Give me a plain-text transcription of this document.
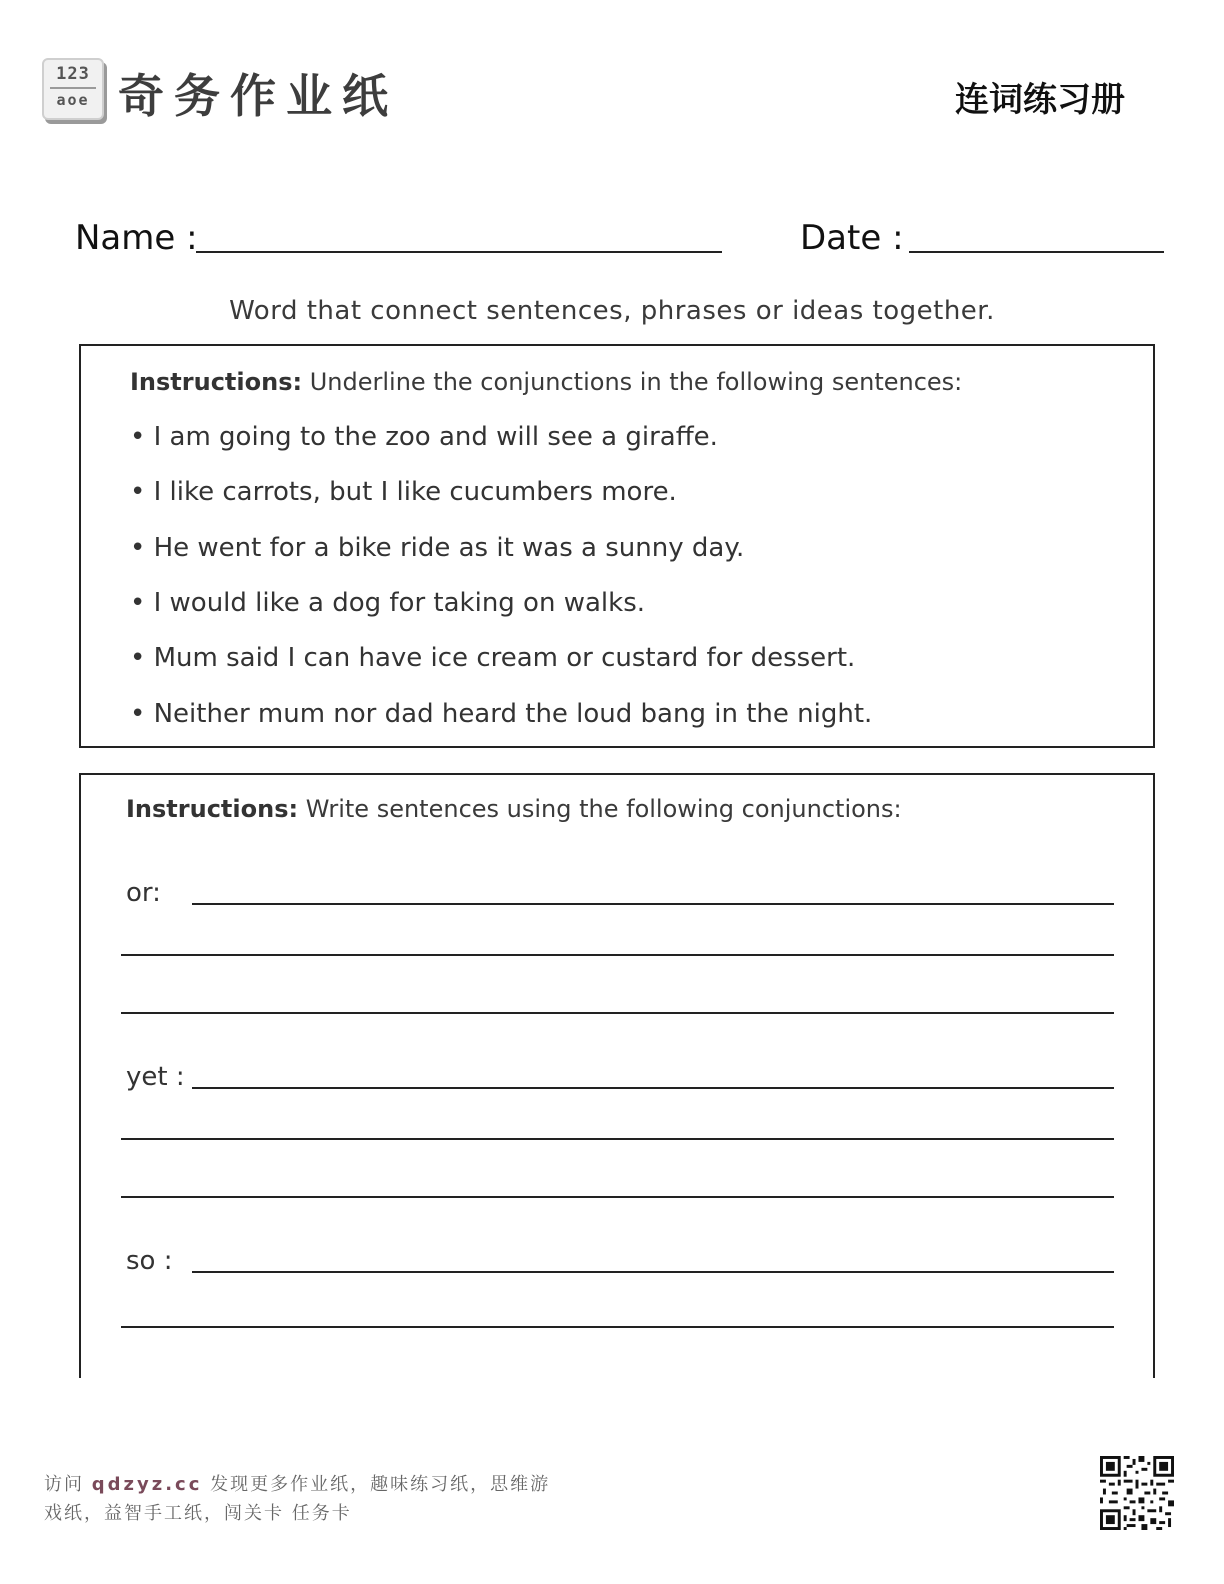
123
aoe 奇务作业纸	连词练习册
Name :	Date :
Word that connect sentences, phrases or ideas together.
Instructions: Underline the conjunctions in the following sentences:
• I am going to the zoo and will see a giraffe.
• I like carrots, but I like cucumbers more.
• He went for a bike ride as it was a sunny day.
• I would like a dog for taking on walks.
• Mum said I can have ice cream or custard for dessert.
• Neither mum nor dad heard the loud bang in the night.
Instructions: Write sentences using the following conjunctions:
or:
yet :
so :
访问 qdzyz.cc 发现更多作业纸，趣味练习纸，思维游
戏纸，益智手工纸，闯关卡 任务卡
